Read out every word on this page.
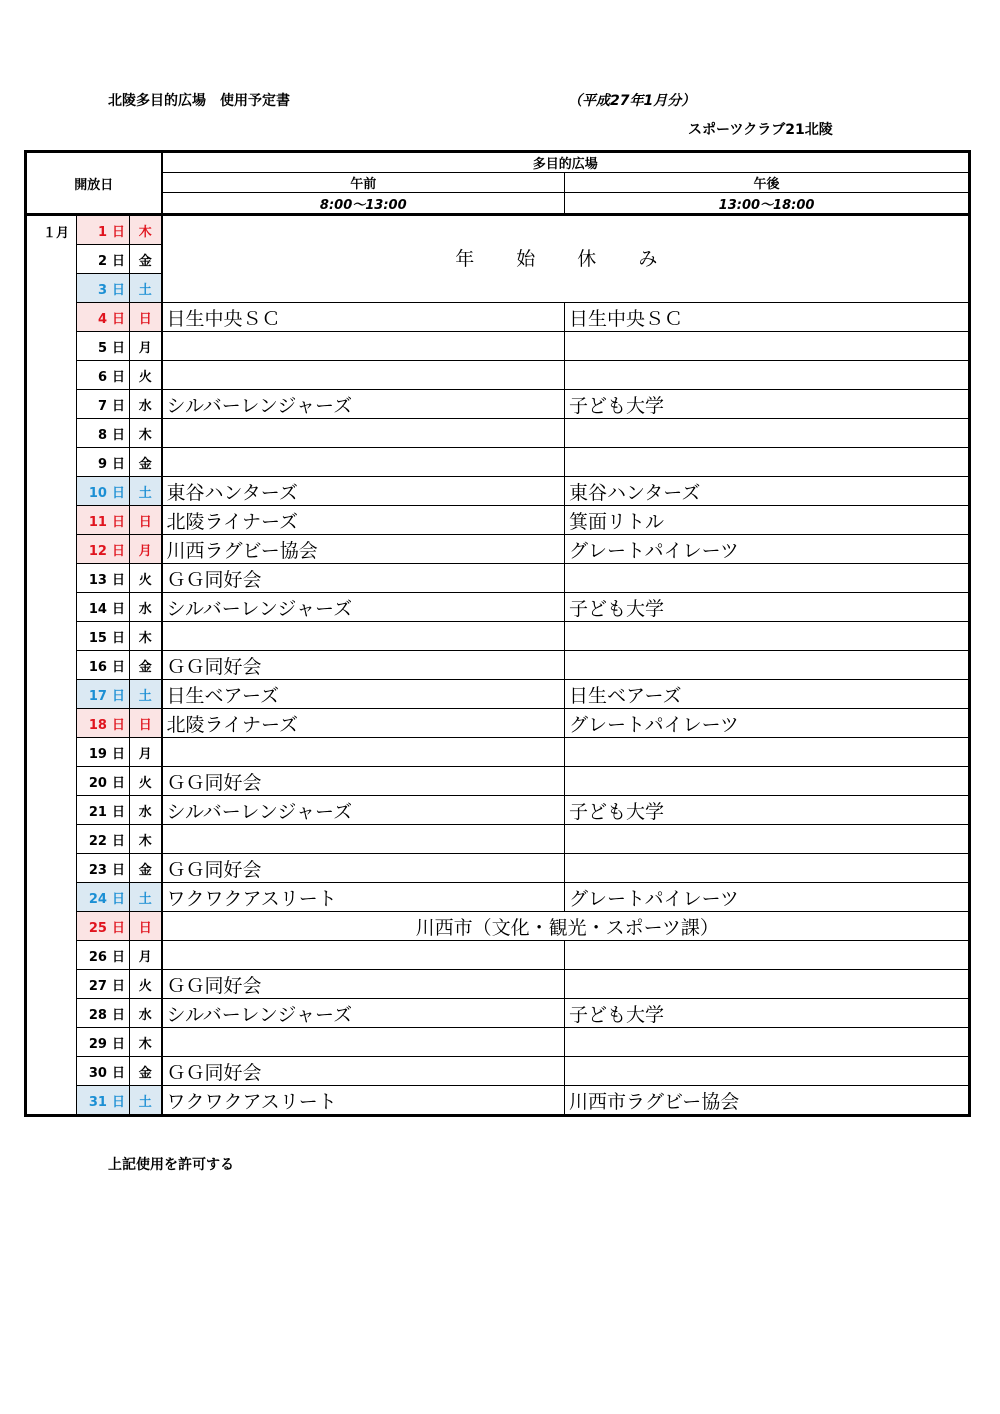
北陵多目的広場　使用予定書	（平成27年1月分）
スポーツクラブ21北陵
開放日			多目的広場	
			午前	午後
			8:00〜13:00	13:00〜18:00
１月	1 日	木	年 始 休 み	
	2 日	金		
	3 日	土		
	4 日	日	日生中央ＳＣ	日生中央ＳＣ
	5 日	月		
	6 日	火		
	7 日	水	シルバーレンジャーズ	子ども大学
	8 日	木		
	9 日	金		
	10 日	土	東谷ハンターズ	東谷ハンターズ
	11 日	日	北陵ライナーズ	箕面リトル
	12 日	月	川西ラグビー協会	グレートパイレーツ
	13 日	火	ＧＧ同好会	
	14 日	水	シルバーレンジャーズ	子ども大学
	15 日	木		
	16 日	金	ＧＧ同好会	
	17 日	土	日生ベアーズ	日生ベアーズ
	18 日	日	北陵ライナーズ	グレートパイレーツ
	19 日	月		
	20 日	火	ＧＧ同好会	
	21 日	水	シルバーレンジャーズ	子ども大学
	22 日	木		
	23 日	金	ＧＧ同好会	
	24 日	土	ワクワクアスリート	グレートパイレーツ
	25 日	日	川西市（文化・観光・スポーツ課）	
	26 日	月		
	27 日	火	ＧＧ同好会	
	28 日	水	シルバーレンジャーズ	子ども大学
	29 日	木		
	30 日	金	ＧＧ同好会	
	31 日	土	ワクワクアスリート	川西市ラグビー協会
上記使用を許可する
